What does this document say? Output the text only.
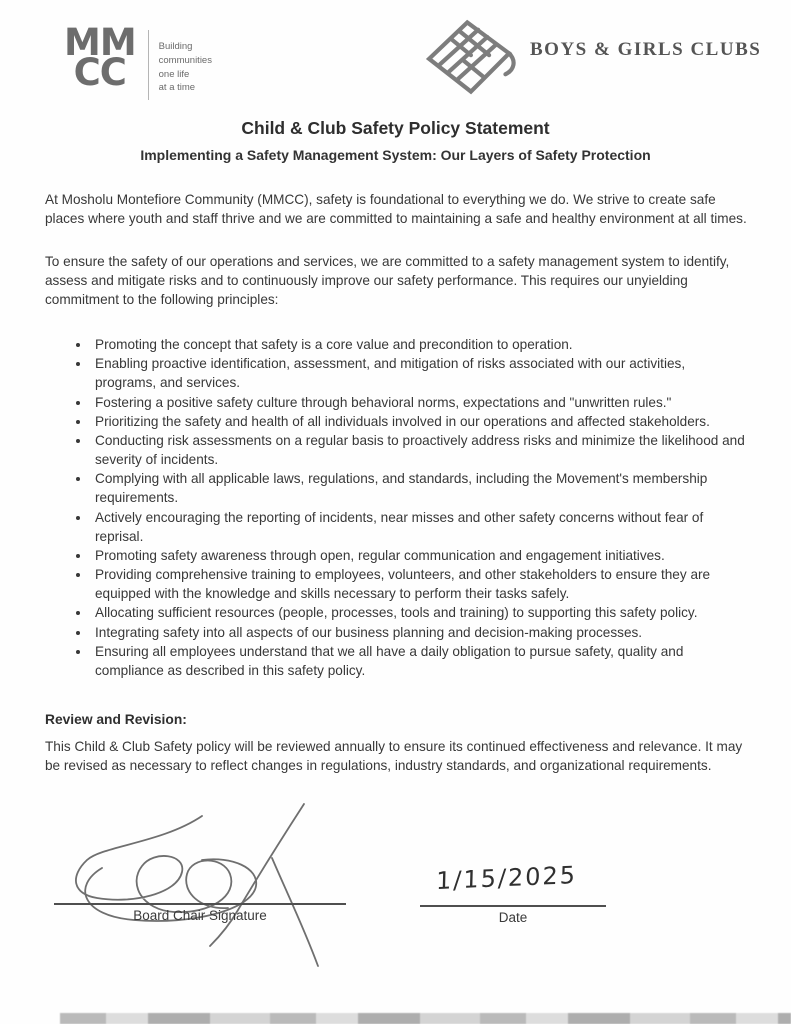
MM
CC
Building
communities
one life
at a time
BOYS & GIRLS CLUBS
Child & Club Safety Policy Statement
Implementing a Safety Management System: Our Layers of Safety Protection

At Mosholu Montefiore Community (MMCC), safety is foundational to everything we do. We strive to create safe places where youth and staff thrive and we are committed to maintaining a safe and healthy environment at all times.

To ensure the safety of our operations and services, we are committed to a safety management system to identify, assess and mitigate risks and to continuously improve our safety performance. This requires our unyielding commitment to the following principles:

• Promoting the concept that safety is a core value and precondition to operation.
• Enabling proactive identification, assessment, and mitigation of risks associated with our activities, programs, and services.
• Fostering a positive safety culture through behavioral norms, expectations and "unwritten rules."
• Prioritizing the safety and health of all individuals involved in our operations and affected stakeholders.
• Conducting risk assessments on a regular basis to proactively address risks and minimize the likelihood and severity of incidents.
• Complying with all applicable laws, regulations, and standards, including the Movement's membership requirements.
• Actively encouraging the reporting of incidents, near misses and other safety concerns without fear of reprisal.
• Promoting safety awareness through open, regular communication and engagement initiatives.
• Providing comprehensive training to employees, volunteers, and other stakeholders to ensure they are equipped with the knowledge and skills necessary to perform their tasks safely.
• Allocating sufficient resources (people, processes, tools and training) to supporting this safety policy.
• Integrating safety into all aspects of our business planning and decision-making processes.
• Ensuring all employees understand that we all have a daily obligation to pursue safety, quality and compliance as described in this safety policy.
Review and Revision:

This Child & Club Safety policy will be reviewed annually to ensure its continued effectiveness and relevance. It may be revised as necessary to reflect changes in regulations, industry standards, and organizational requirements.

Board Chair Signature
1/15/2025
Date
